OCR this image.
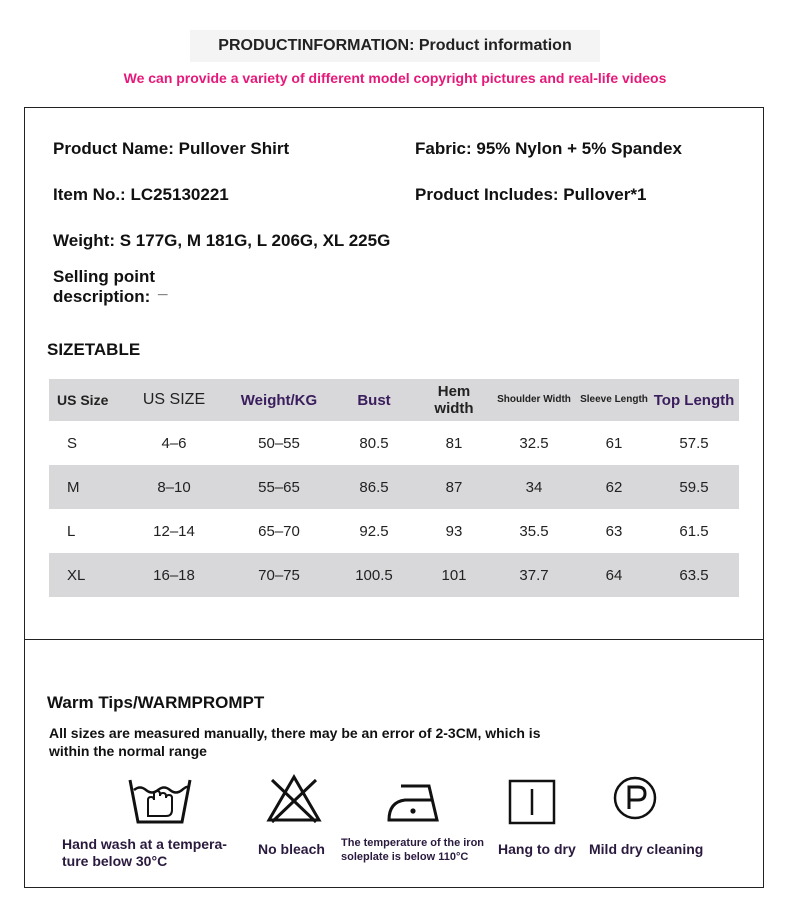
PRODUCTINFORMATION: Product information
We can provide a variety of different model copyright pictures and real-life videos
Product Name: Pullover Shirt	Fabric: 95% Nylon + 5% Spandex
Item No.: LC25130221	Product Includes: Pullover*1
Weight: S 177G, M 181G, L 206G, XL 225G
Selling point description: _
SIZETABLE
US Size	US SIZE	Weight/KG	Bust	Hem width	Shoulder Width	Sleeve Length	Top Length
S	4–6	50–55	80.5	81	32.5	61	57.5
M	8–10	55–65	86.5	87	34	62	59.5
L	12–14	65–70	92.5	93	35.5	63	61.5
XL	16–18	70–75	100.5	101	37.7	64	63.5
Warm Tips/WARMPROMPT
All sizes are measured manually, there may be an error of 2-3CM, which is within the normal range
Hand wash at a tempera-ture below 30°C
No bleach The temperature of the iron soleplate is below 110°C	Hang to dry Mild dry cleaning
